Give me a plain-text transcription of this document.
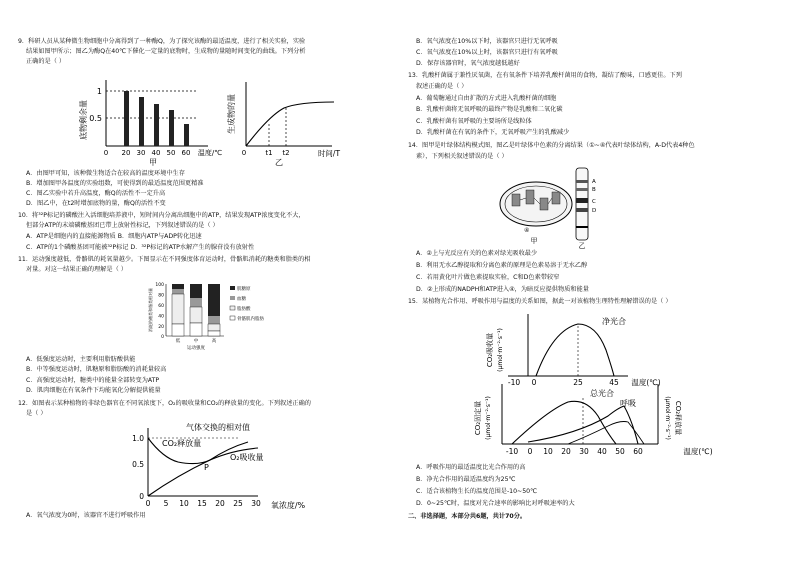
9．科研人员从某种微生物细胞中分离得到了一种酶Q，为了探究该酶的最适温度，进行了相关实验，实验
结果如图甲所示；图乙为酶Q在40℃下催化一定量的底物时，生成物的量随时间变化的曲线。下列分析
正确的是（ ）
底物剩余量
1
0.5
0 20 30 40 50 60 温度/℃
甲
生成物的量
0	t1 t2	时间/T
乙
A．由图甲可知，该种微生物适合在较高的温度环境中生存
B．增加图甲各温度的实验组数，可使得到的最适温度范围更精准
C．图乙实验中若升高温度，酶Q的活性不一定升高
D．图乙中，在t2时增加底物的量，酶Q的活性不变
10．将³²P标记的磷酸注入活细胞培养液中，短时间内分离出细胞中的ATP，结果发现ATP浓度变化不大，
但部分ATP的末端磷酸基团已带上放射性标记，下列叙述错误的是（ ）
A．ATP是细胞内的直接能源物质 B．细胞内ATP与ADP转化迅速
C．ATP的1个磷酸基团可能被³²P标记 D．³²P标记的ATP水解产生的腺苷没有放射性
11．运动强度越低，骨骼肌的耗氧量越少。下图显示在不同强度体育运动时，骨骼肌消耗的糖类和脂类的相
对量。对这一结果正确的理解是（ ）
消耗的糖类和脂类相对量
100
80
60
40
20
0
低	中	高
运动强度
肌糖原
血糖
脂肪酸
骨骼肌内脂肪
A．低强度运动时，主要利用脂肪酸供能
B．中等强度运动时，肌糖原和脂肪酸的消耗量较高
C．高强度运动时，糖类中的能量全部转变为ATP
D．肌肉细胞在有氧条件下均能氧化分解提供能量
12．如图表示某种植物的非绿色器官在不同氧浓度下，O₂的吸收量和CO₂的释放量的变化。下列叙述正确的
是（ ）
气体交换的相对值
1.0
0.5
0
CO₂释放量
P
O₂吸收量
0 5 10 15 20 25 30 氧浓度/%
A．氧气浓度为0时，该器官不进行呼吸作用
B．氧气浓度在10%以下时，该器官只进行无氧呼吸
C．氧气浓度在10%以上时，该器官只进行有氧呼吸
D．保存该器官时，氧气浓度越低越好
13．乳酸杆菌属于兼性厌氧菌，在有氧条件下培养乳酸杆菌用的食物，凝结了酸味，口感更佳。下列
叙述正确的是（ ）
A．葡萄糖通过自由扩散的方式进入乳酸杆菌的细胞
B．乳酸杆菌将无氧呼吸的最终产物是乳酸和二氧化碳
C．乳酸杆菌有氧呼吸的主要场所是线粒体
D．乳酸杆菌在有氧的条件下，无氧呼吸产生的乳酸减少
14．图甲是叶绿体结构模式图，图乙是叶绿体中色素的分离结果（①~④代表叶绿体结构，A-D代表4种色
素），下列相关叙述错误的是（ ）
④
甲
A
B
C
D
乙
A．②上与光反应有关的色素对绿光吸收最少
B．利用无水乙醇提取和分离色素的原理是色素易溶于无水乙醇
C．若用黄化叶片做色素提取实验，C和D色素带较窄
D．②上形成的NADPH和ATP进入④，为暗反应提供物质和能量
15．某植物光合作用、呼吸作用与温度的关系如图，据此一对该植物生理特性理解错误的是（ ）
CO₂吸收量 (μmol·m⁻²·s⁻¹)
净光合
-10 0	25	45 温度(℃)
CO₂固定量 (μmol·m⁻²·s⁻¹)
总光合
呼吸	CO₂释放量
(μmol·m⁻²·s⁻¹)
-10 0 10 20 30 40 50 60	温度(℃)
A．呼吸作用的最适温度比光合作用的高
B．净光合作用的最适温度约为25℃
C．适合该植物生长的温度范围是-10~50℃
D．0~25℃时，温度对光合速率的影响比对呼吸速率的大
二、非选择题，本部分共6题，共计70分。
